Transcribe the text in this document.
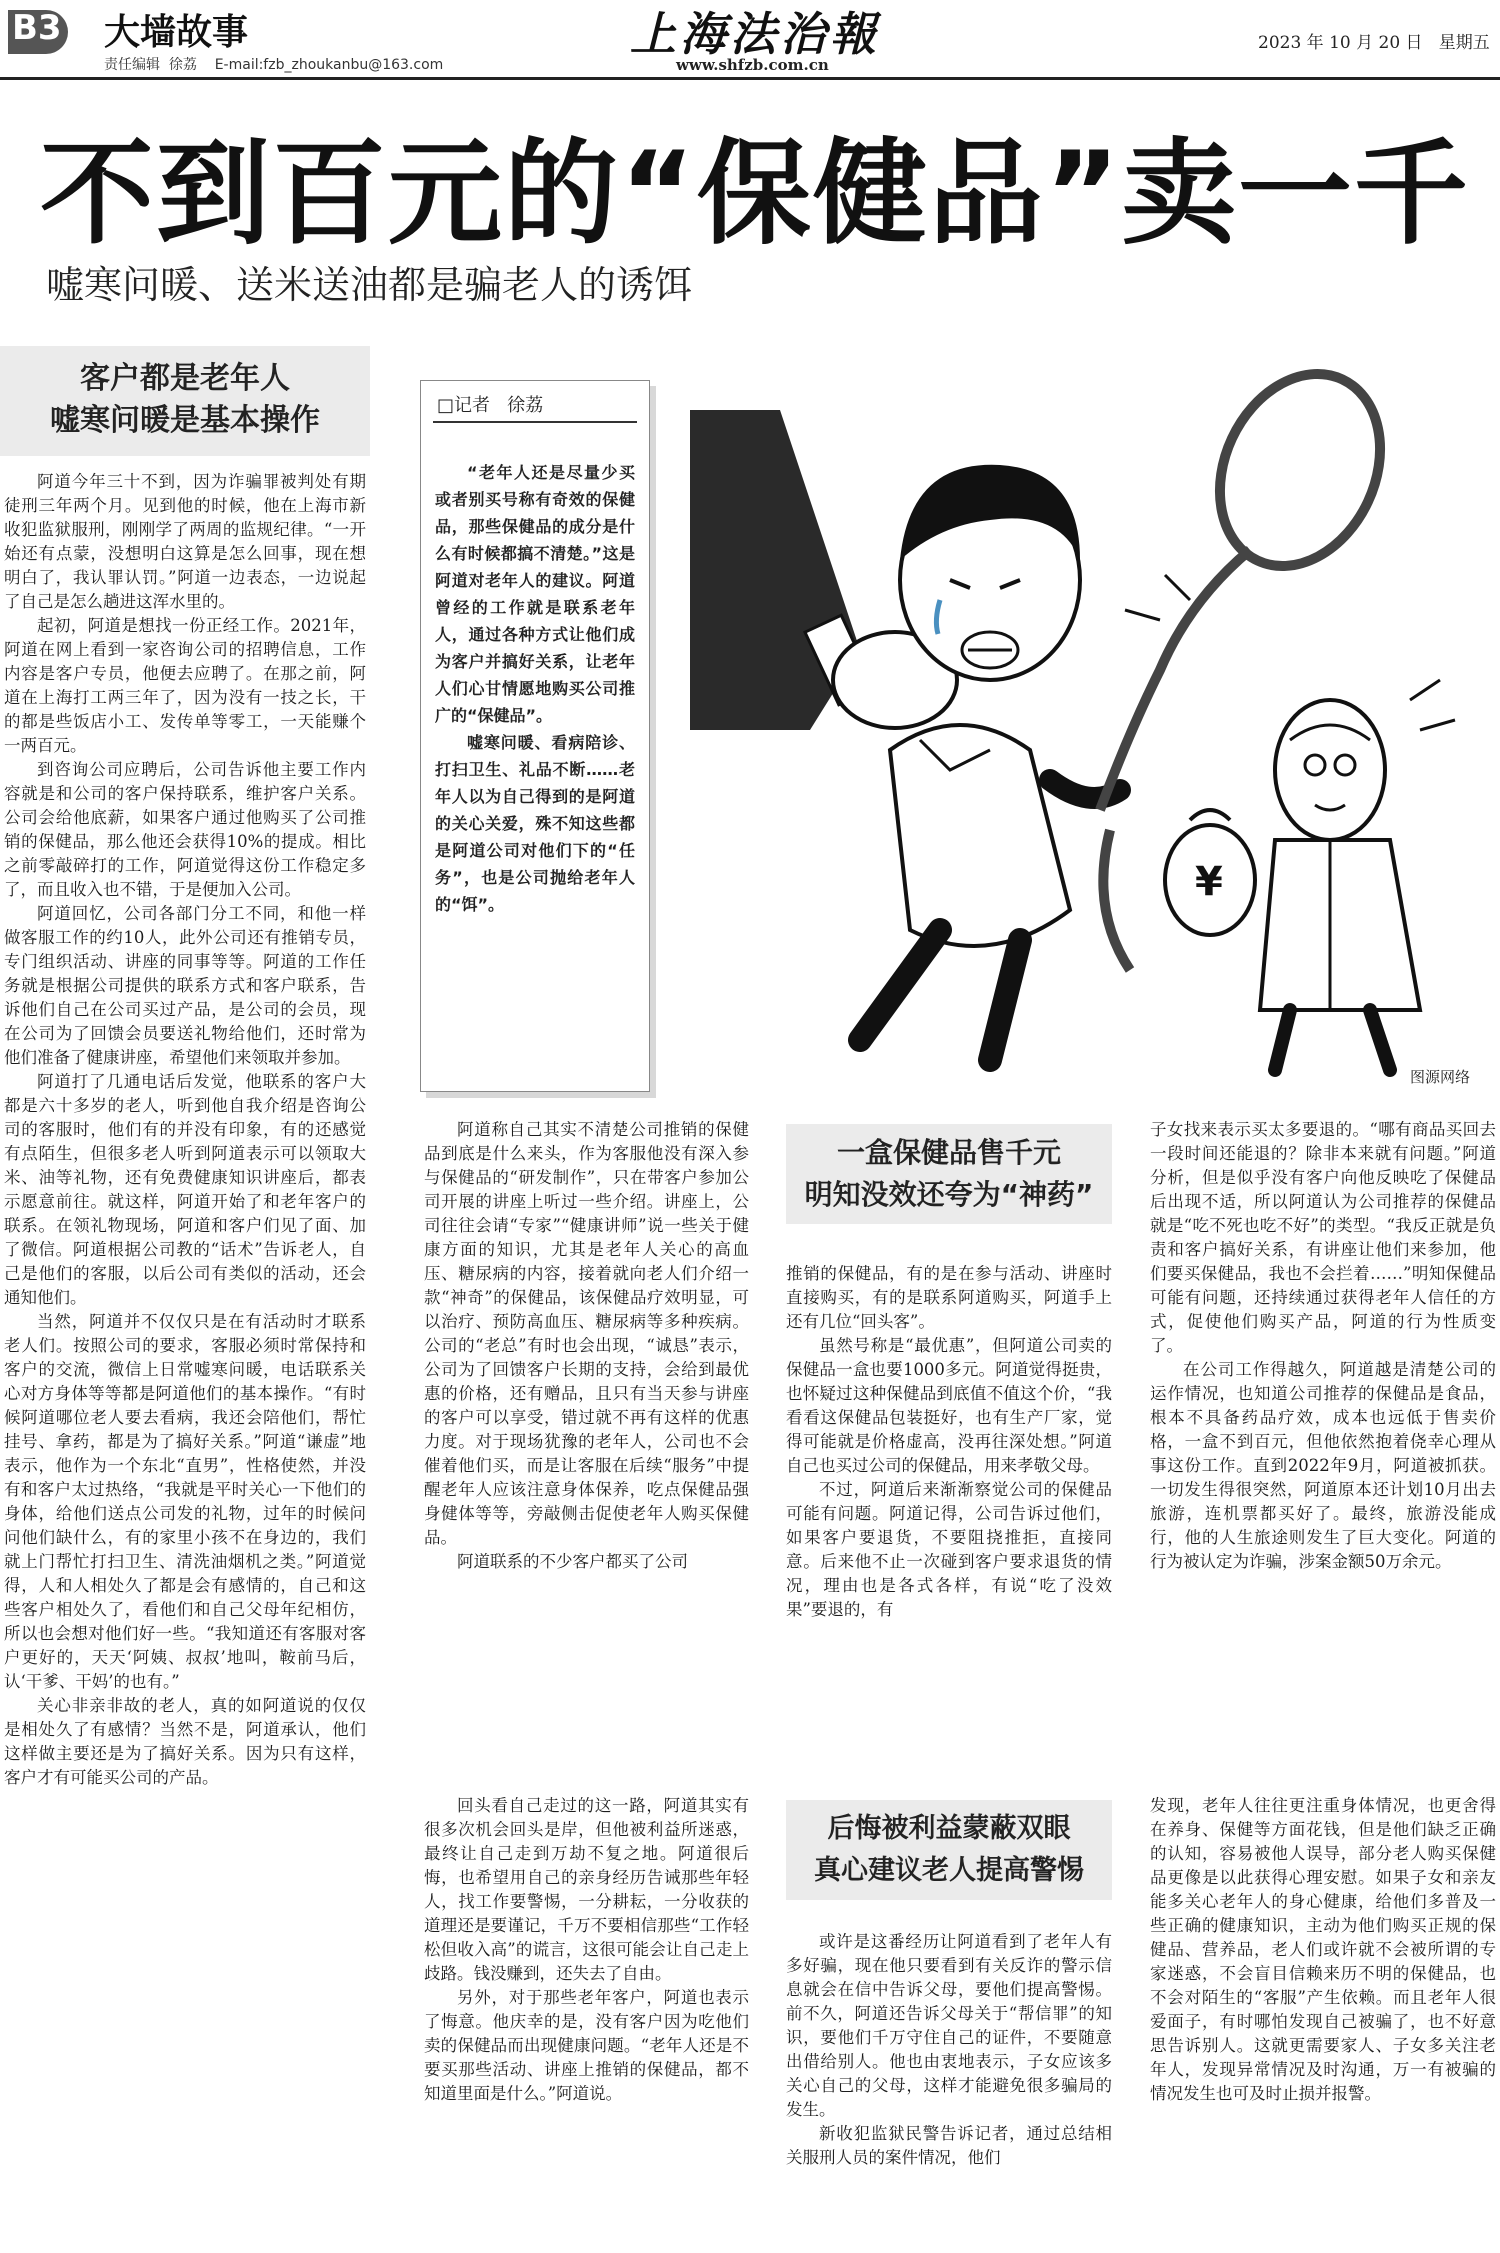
B3 大墙故事
责任编辑  徐荔    E-mail:fzb_zhoukanbu@163.com
上海法治報
www.shfzb.com.cn
2023 年 10 月 20 日   星期五
不到百元的“保健品”卖一千
嘘寒问暖、送米送油都是骗老人的诱饵
客户都是老年人
嘘寒问暖是基本操作

阿道今年三十不到，因为诈骗罪被判处有期徒刑三年两个月。见到他的时候，他在上海市新收犯监狱服刑，刚刚学了两周的监规纪律。“一开始还有点蒙，没想明白这算是怎么回事，现在想明白了，我认罪认罚。”阿道一边表态，一边说起了自己是怎么趟进这浑水里的。

起初，阿道是想找一份正经工作。2021年，阿道在网上看到一家咨询公司的招聘信息，工作内容是客户专员，他便去应聘了。在那之前，阿道在上海打工两三年了，因为没有一技之长，干的都是些饭店小工、发传单等零工，一天能赚个一两百元。

到咨询公司应聘后，公司告诉他主要工作内容就是和公司的客户保持联系，维护客户关系。公司会给他底薪，如果客户通过他购买了公司推销的保健品，那么他还会获得10%的提成。相比之前零敲碎打的工作，阿道觉得这份工作稳定多了，而且收入也不错，于是便加入公司。

阿道回忆，公司各部门分工不同，和他一样做客服工作的约10人，此外公司还有推销专员，专门组织活动、讲座的同事等等。阿道的工作任务就是根据公司提供的联系方式和客户联系，告诉他们自己在公司买过产品，是公司的会员，现在公司为了回馈会员要送礼物给他们，还时常为他们准备了健康讲座，希望他们来领取并参加。

阿道打了几通电话后发觉，他联系的客户大都是六十多岁的老人，听到他自我介绍是咨询公司的客服时，他们有的并没有印象，有的还感觉有点陌生，但很多老人听到阿道表示可以领取大米、油等礼物，还有免费健康知识讲座后，都表示愿意前往。就这样，阿道开始了和老年客户的联系。在领礼物现场，阿道和客户们见了面、加了微信。阿道根据公司教的“话术”告诉老人，自己是他们的客服，以后公司有类似的活动，还会通知他们。

当然，阿道并不仅仅只是在有活动时才联系老人们。按照公司的要求，客服必须时常保持和客户的交流，微信上日常嘘寒问暖，电话联系关心对方身体等等都是阿道他们的基本操作。“有时候阿道哪位老人要去看病，我还会陪他们，帮忙挂号、拿药，都是为了搞好关系。”阿道“谦虚”地表示，他作为一个东北“直男”，性格使然，并没有和客户太过热络，“我就是平时关心一下他们的身体，给他们送点公司发的礼物，过年的时候问问他们缺什么，有的家里小孩不在身边的，我们就上门帮忙打扫卫生、清洗油烟机之类。”阿道觉得，人和人相处久了都是会有感情的，自己和这些客户相处久了，看他们和自己父母年纪相仿，所以也会想对他们好一些。“我知道还有客服对客户更好的，天天‘阿姨、叔叔’地叫，鞍前马后，认‘干爹、干妈’的也有。”

关心非亲非故的老人，真的如阿道说的仅仅是相处久了有感情？当然不是，阿道承认，他们这样做主要还是为了搞好关系。因为只有这样，客户才有可能买公司的产品。

□记者   徐荔

“老年人还是尽量少买或者别买号称有奇效的保健品，那些保健品的成分是什么有时候都搞不清楚。”这是阿道对老年人的建议。阿道曾经的工作就是联系老年人，通过各种方式让他们成为客户并搞好关系，让老年人们心甘情愿地购买公司推广的“保健品”。

嘘寒问暖、看病陪诊、打扫卫生、礼品不断……老年人以为自己得到的是阿道的关心关爱，殊不知这些都是阿道公司对他们下的“任务”，也是公司抛给老年人的“饵”。	¥
图源网络

阿道称自己其实不清楚公司推销的保健品到底是什么来头，作为客服他没有深入参与保健品的“研发制作”，只在带客户参加公司开展的讲座上听过一些介绍。讲座上，公司往往会请“专家”“健康讲师”说一些关于健康方面的知识，尤其是老年人关心的高血压、糖尿病的内容，接着就向老人们介绍一款“神奇”的保健品，该保健品疗效明显，可以治疗、预防高血压、糖尿病等多种疾病。公司的“老总”有时也会出现，“诚恳”表示，公司为了回馈客户长期的支持，会给到最优惠的价格，还有赠品，且只有当天参与讲座的客户可以享受，错过就不再有这样的优惠力度。对于现场犹豫的老年人，公司也不会催着他们买，而是让客服在后续“服务”中提醒老年人应该注意身体保养，吃点保健品强身健体等等，旁敲侧击促使老年人购买保健品。

阿道联系的不少客户都买了公司

一盒保健品售千元
明知没效还夸为“神药”

推销的保健品，有的是在参与活动、讲座时直接购买，有的是联系阿道购买，阿道手上还有几位“回头客”。

虽然号称是“最优惠”，但阿道公司卖的保健品一盒也要1000多元。阿道觉得挺贵，也怀疑过这种保健品到底值不值这个价，“我看看这保健品包装挺好，也有生产厂家，觉得可能就是价格虚高，没再往深处想。”阿道自己也买过公司的保健品，用来孝敬父母。

不过，阿道后来渐渐察觉公司的保健品可能有问题。阿道记得，公司告诉过他们，如果客户要退货，不要阻挠推拒，直接同意。后来他不止一次碰到客户要求退货的情况，理由也是各式各样，有说“吃了没效果”要退的，有

子女找来表示买太多要退的。“哪有商品买回去一段时间还能退的？除非本来就有问题。”阿道分析，但是似乎没有客户向他反映吃了保健品后出现不适，所以阿道认为公司推荐的保健品就是“吃不死也吃不好”的类型。“我反正就是负责和客户搞好关系，有讲座让他们来参加，他们要买保健品，我也不会拦着……”明知保健品可能有问题，还持续通过获得老年人信任的方式，促使他们购买产品，阿道的行为性质变了。

在公司工作得越久，阿道越是清楚公司的运作情况，也知道公司推荐的保健品是食品，根本不具备药品疗效，成本也远低于售卖价格，一盒不到百元，但他依然抱着侥幸心理从事这份工作。直到2022年9月，阿道被抓获。一切发生得很突然，阿道原本还计划10月出去旅游，连机票都买好了。最终，旅游没能成行，他的人生旅途则发生了巨大变化。阿道的行为被认定为诈骗，涉案金额50万余元。

回头看自己走过的这一路，阿道其实有很多次机会回头是岸，但他被利益所迷惑，最终让自己走到万劫不复之地。阿道很后悔，也希望用自己的亲身经历告诫那些年轻人，找工作要警惕，一分耕耘，一分收获的道理还是要谨记，千万不要相信那些“工作轻松但收入高”的谎言，这很可能会让自己走上歧路。钱没赚到，还失去了自由。

另外，对于那些老年客户，阿道也表示了悔意。他庆幸的是，没有客户因为吃他们卖的保健品而出现健康问题。“老年人还是不要买那些活动、讲座上推销的保健品，都不知道里面是什么。”阿道说。

后悔被利益蒙蔽双眼
真心建议老人提高警惕

或许是这番经历让阿道看到了老年人有多好骗，现在他只要看到有关反诈的警示信息就会在信中告诉父母，要他们提高警惕。前不久，阿道还告诉父母关于“帮信罪”的知识，要他们千万守住自己的证件，不要随意出借给别人。他也由衷地表示，子女应该多关心自己的父母，这样才能避免很多骗局的发生。

新收犯监狱民警告诉记者，通过总结相关服刑人员的案件情况，他们

发现，老年人往往更注重身体情况，也更舍得在养身、保健等方面花钱，但是他们缺乏正确的认知，容易被他人误导，部分老人购买保健品更像是以此获得心理安慰。如果子女和亲友能多关心老年人的身心健康，给他们多普及一些正确的健康知识，主动为他们购买正规的保健品、营养品，老人们或许就不会被所谓的专家迷惑，不会盲目信赖来历不明的保健品，也不会对陌生的“客服”产生依赖。而且老年人很爱面子，有时哪怕发现自己被骗了，也不好意思告诉别人。这就更需要家人、子女多关注老年人，发现异常情况及时沟通，万一有被骗的情况发生也可及时止损并报警。
